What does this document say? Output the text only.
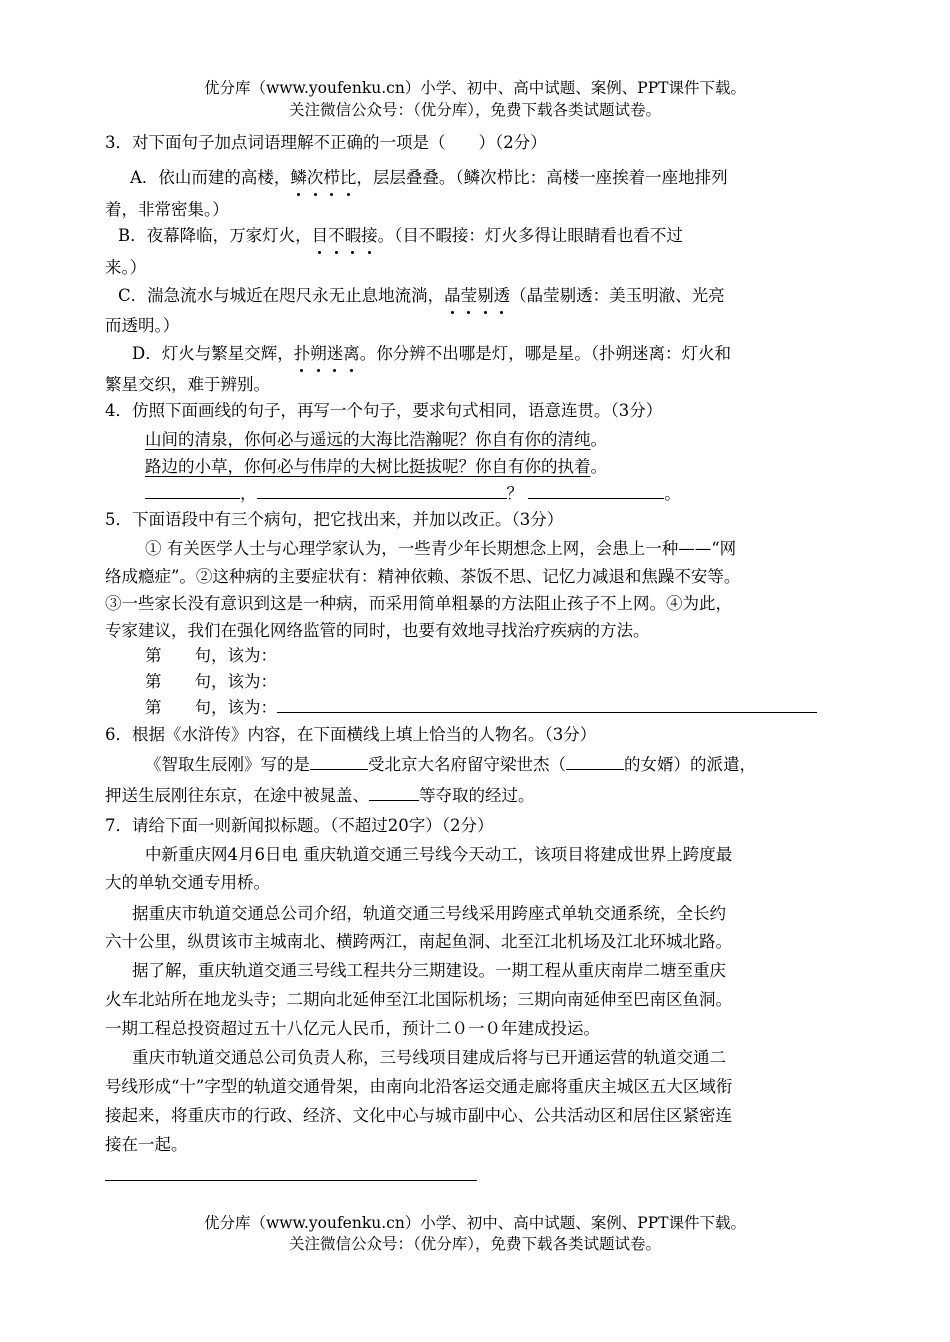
优分库（www.youfenku.cn）小学、初中、高中试题、案例、PPT课件下载。
关注微信公众号：（优分库），免费下载各类试题试卷。
3．对下面句子加点词语理解不正确的一项是（　　）（2分）
A．依山而建的高楼，鳞次栉比，层层叠叠。（鳞次栉比：高楼一座挨着一座地排列
着，非常密集。）
B．夜幕降临，万家灯火，目不暇接。（目不暇接：灯火多得让眼睛看也看不过
来。）
C．湍急流水与城近在咫尺永无止息地流淌，晶莹剔透（晶莹剔透：美玉明澈、光亮
而透明。）
D．灯火与繁星交辉，扑朔迷离。你分辨不出哪是灯，哪是星。（扑朔迷离：灯火和
繁星交织，难于辨别。
4．仿照下面画线的句子，再写一个句子，要求句式相同，语意连贯。（3分）
山间的清泉，你何必与遥远的大海比浩瀚呢？你自有你的清纯。
路边的小草，你何必与伟岸的大树比挺拔呢？你自有你的执着。
，	？	。
5．下面语段中有三个病句，把它找出来，并加以改正。（3分）
① 有关医学人士与心理学家认为，一些青少年长期想念上网，会患上一种——“网
络成瘾症”。②这种病的主要症状有：精神依赖、茶饭不思、记忆力减退和焦躁不安等。
③一些家长没有意识到这是一种病，而采用简单粗暴的方法阻止孩子不上网。④为此，
专家建议，我们在强化网络监管的同时，也要有效地寻找治疗疾病的方法。
第　　句，该为：
第　　句，该为：
第　　句，该为：
6．根据《水浒传》内容，在下面横线上填上恰当的人物名。（3分）
《智取生辰刚》写的是	受北京大名府留守梁世杰（	的女婿）的派遣，
押送生辰刚往东京，在途中被晁盖、	等夺取的经过。
7．请给下面一则新闻拟标题。（不超过20字）（2分）
中新重庆网4月6日电 重庆轨道交通三号线今天动工，该项目将建成世界上跨度最
大的单轨交通专用桥。
据重庆市轨道交通总公司介绍，轨道交通三号线采用跨座式单轨交通系统，全长约
六十公里，纵贯该市主城南北、横跨两江，南起鱼洞、北至江北机场及江北环城北路。
据了解，重庆轨道交通三号线工程共分三期建设。一期工程从重庆南岸二塘至重庆
火车北站所在地龙头寺；二期向北延伸至江北国际机场；三期向南延伸至巴南区鱼洞。
一期工程总投资超过五十八亿元人民币，预计二０一０年建成投运。
重庆市轨道交通总公司负责人称，三号线项目建成后将与已开通运营的轨道交通二
号线形成“十”字型的轨道交通骨架，由南向北沿客运交通走廊将重庆主城区五大区域衔
接起来，将重庆市的行政、经济、文化中心与城市副中心、公共活动区和居住区紧密连
接在一起。
优分库（www.youfenku.cn）小学、初中、高中试题、案例、PPT课件下载。
关注微信公众号：（优分库），免费下载各类试题试卷。
